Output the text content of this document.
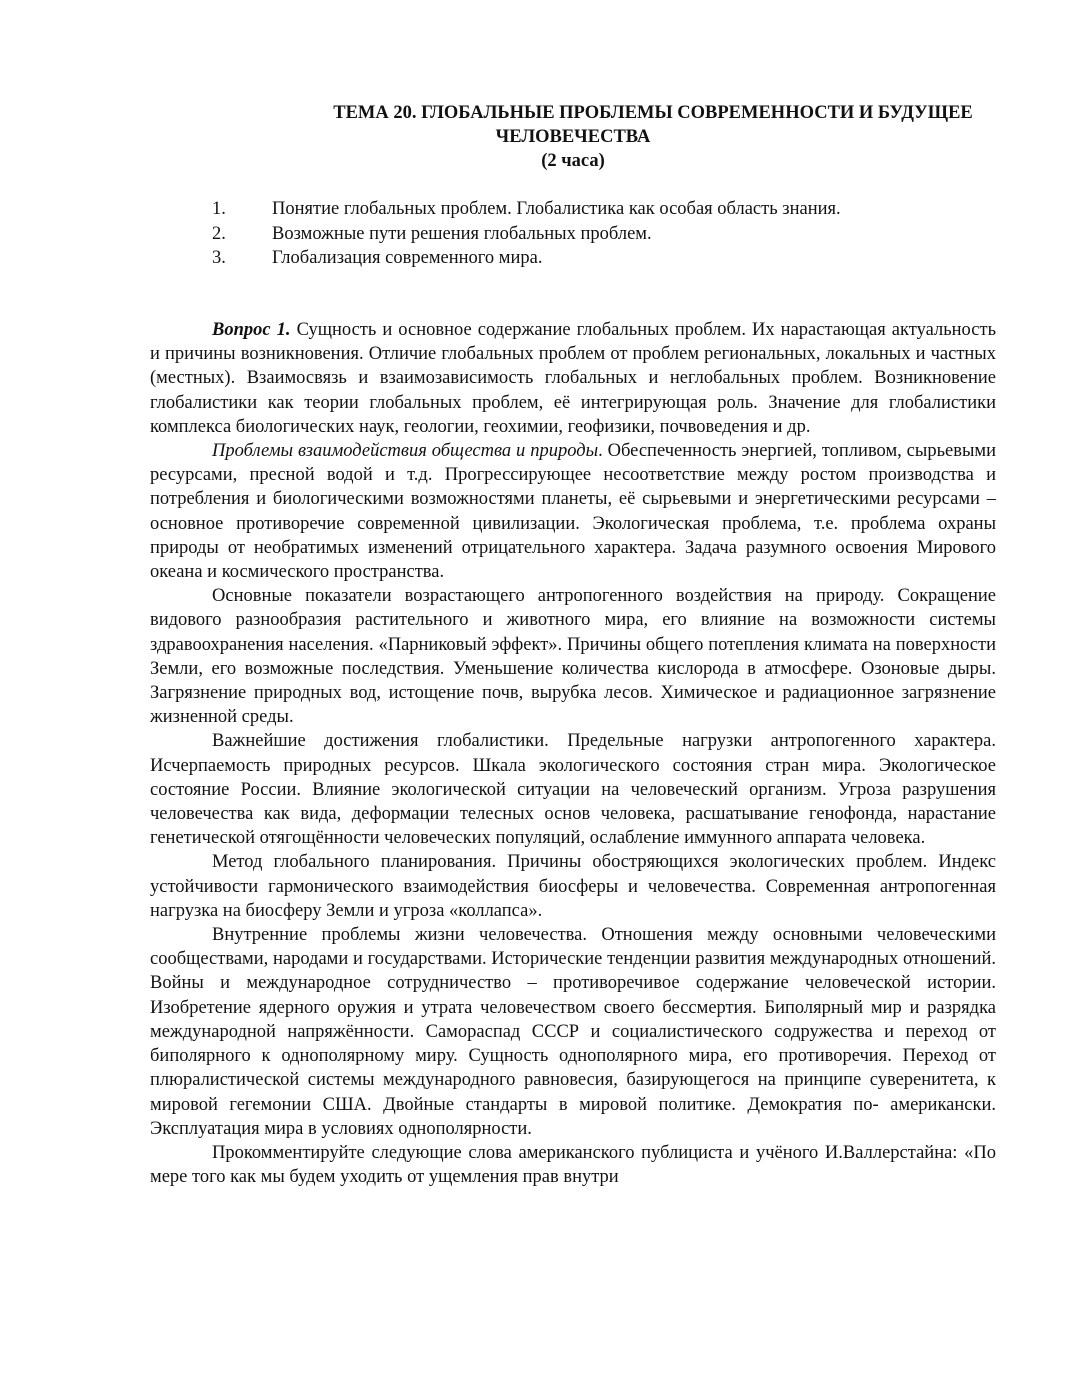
ТЕМА 20. ГЛОБАЛЬНЫЕ ПРОБЛЕМЫ СОВРЕМЕННОСТИ И БУДУЩЕЕ
ЧЕЛОВЕЧЕСТВА
(2 часа)
1. Понятие глобальных проблем. Глобалистика как особая область знания.
2. Возможные пути решения глобальных проблем.
3. Глобализация современного мира.

Вопрос 1. Сущность и основное содержание глобальных проблем. Их нарастающая актуальность и причины возникновения. Отличие глобальных проблем от проблем региональных, локальных и частных (местных). Взаимосвязь и взаимозависимость глобальных и неглобальных проблем. Возникновение глобалистики как теории глобальных проблем, её интегрирующая роль. Значение для глобалистики комплекса биологических наук, геологии, геохимии, геофизики, почвоведения и др.

Проблемы взаимодействия общества и природы. Обеспеченность энергией, топливом, сырьевыми ресурсами, пресной водой и т.д. Прогрессирующее несоответствие между ростом производства и потребления и биологическими возможностями планеты, её сырьевыми и энергетическими ресурсами – основное противоречие современной цивилизации. Экологическая проблема, т.е. проблема охраны природы от необратимых изменений отрицательного характера. Задача разумного освоения Мирового океана и космического пространства.

Основные показатели возрастающего антропогенного воздействия на природу. Сокращение видового разнообразия растительного и животного мира, его влияние на возможности системы здравоохранения населения. «Парниковый эффект». Причины общего потепления климата на поверхности Земли, его возможные последствия. Уменьшение количества кислорода в атмосфере. Озоновые дыры. Загрязнение природных вод, истощение почв, вырубка лесов. Химическое и радиационное загрязнение жизненной среды.

Важнейшие достижения глобалистики. Предельные нагрузки антропогенного характера. Исчерпаемость природных ресурсов. Шкала экологического состояния стран мира. Экологическое состояние России. Влияние экологической ситуации на человеческий организм. Угроза разрушения человечества как вида, деформации телесных основ человека, расшатывание генофонда, нарастание генетической отягощённости человеческих популяций, ослабление иммунного аппарата человека.

Метод глобального планирования. Причины обостряющихся экологических проблем. Индекс устойчивости гармонического взаимодействия биосферы и человечества. Современная антропогенная нагрузка на биосферу Земли и угроза «коллапса».

Внутренние проблемы жизни человечества. Отношения между основными человеческими сообществами, народами и государствами. Исторические тенденции развития международных отношений. Войны и международное сотрудничество – противоречивое содержание человеческой истории. Изобретение ядерного оружия и утрата человечеством своего бессмертия. Биполярный мир и разрядка международной напряжённости. Самораспад СССР и социалистического содружества и переход от биполярного к однополярному миру. Сущность однополярного мира, его противоречия. Переход от плюралистической системы международного равновесия, базирующегося на принципе суверенитета, к мировой гегемонии США. Двойные стандарты в мировой политике. Демократия по- американски. Эксплуатация мира в условиях однополярности.

Прокомментируйте следующие слова американского публициста и учёного И.Валлерстайна: «По мере того как мы будем уходить от ущемления прав внутри
